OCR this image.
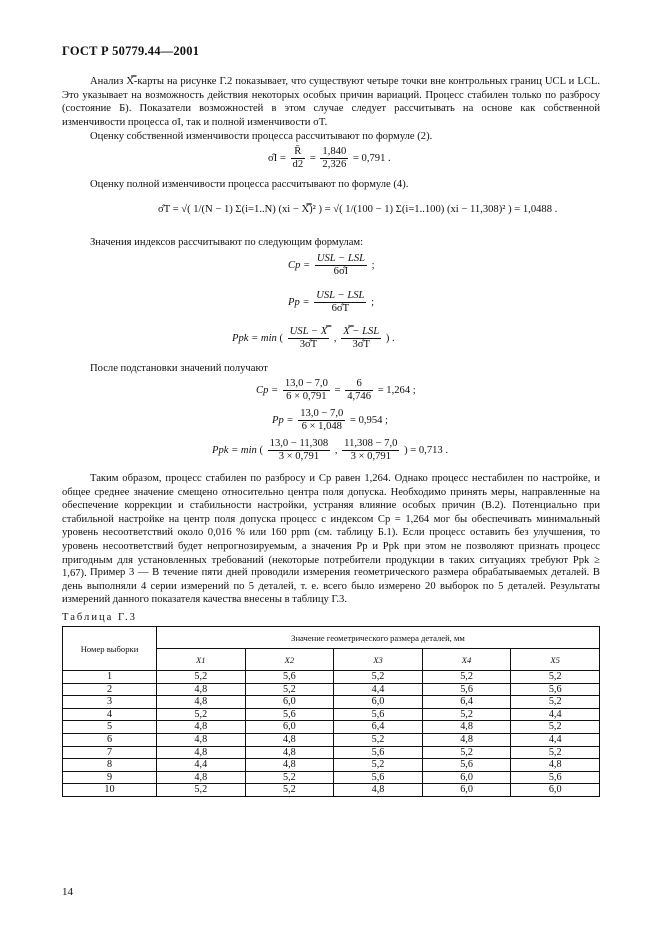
ГОСТ Р 50779.44—2001
Анализ X̿-карты на рисунке Г.2 показывает, что существуют четыре точки вне контрольных границ UCL и LCL. Это указывает на возможность действия некоторых особых причин вариаций. Процесс стабилен только по разбросу (состояние Б). Показатели возможностей в этом случае следует рассчитывать на основе как собственной изменчивости процесса σI, так и полной изменчивости σT.
Оценку собственной изменчивости процесса рассчитывают по формуле (2).
σ̂I = $\frac{R̄}{d2} = \frac{1,840}{2,326} = 0,791$ .
Оценку полной изменчивости процесса рассчитывают по формуле (4).
σ̂T = √( 1/(N − 1) Σ(i=1..N) (xi − X̿)² ) = √( 1/(100 − 1) Σ(i=1..100) (xi − 11,308)² ) = 1,0488 .
Значения индексов рассчитывают по следующим формулам:
$Cp = \frac{\text{USL − LSL}}{6\sigmâI}$ ;
$Pp = \frac{\text{USL − LSL}}{6\sigmâT}$ ;
Ppk = min ( $\frac{\text{USL − X̿}}{3\sigmâT}$ , $\frac{\text{X̿ − LSL}}{3\sigmâT}$ ) .
После подстановки значений получают
$Cp = \frac{13,0 - 7,0}{6 \times 0,791} = \frac{6}{4,746} = 1,264$ ;
$Pp = \frac{13,0 - 7,0}{6 \times 1,048} = 0,954$ ;
Ppk = min ( $\frac{13,0 - 11,308}{3 \times 0,791}$ , $\frac{11,308 - 7,0}{3 \times 0,791}$ ) = 0,713 .
Таким образом, процесс стабилен по разбросу и Cp равен 1,264. Однако процесс нестабилен по настройке, и общее среднее значение смещено относительно центра поля допуска. Необходимо принять меры, направленные на обеспечение коррекции и стабильности настройки, устраняя влияние особых причин (В.2). Потенциально при стабильной настройке на центр поля допуска процесс с индексом Cp = 1,264 мог бы обеспечивать минимальный уровень несоответствий около 0,016 % или 160 ppm (см. таблицу Б.1). Если процесс оставить без улучшения, то уровень несоответствий будет непрогнозируемым, а значения Pp и Ppk при этом не позволяют признать процесс пригодным для установленных требований (некоторые потребители продукции в таких ситуациях требуют Ppk ≥ 1,67). Пример 3 — В течение пяти дней проводили измерения геометрического размера обрабатываемых деталей. В день выполняли 4 серии измерений по 5 деталей, т. е. всего было измерено 20 выборок по 5 деталей. Результаты измерений данного показателя качества внесены в таблицу Г.3.
Таблица Г.3
Номер выборки	Значение геометрического размера деталей, мм				
	X1	X2	X3	X4	X5
1	5,2	5,6	5,2	5,2	5,2
2	4,8	5,2	4,4	5,6	5,6
3	4,8	6,0	6,0	6,4	5,2
4	5,2	5,6	5,6	5,2	4,4
5	4,8	6,0	6,4	4,8	5,2
6	4,8	4,8	5,2	4,8	4,4
7	4,8	4,8	5,6	5,2	5,2
8	4,4	4,8	5,2	5,6	4,8
9	4,8	5,2	5,6	6,0	5,6
10	5,2	5,2	4,8	6,0	6,0
14
